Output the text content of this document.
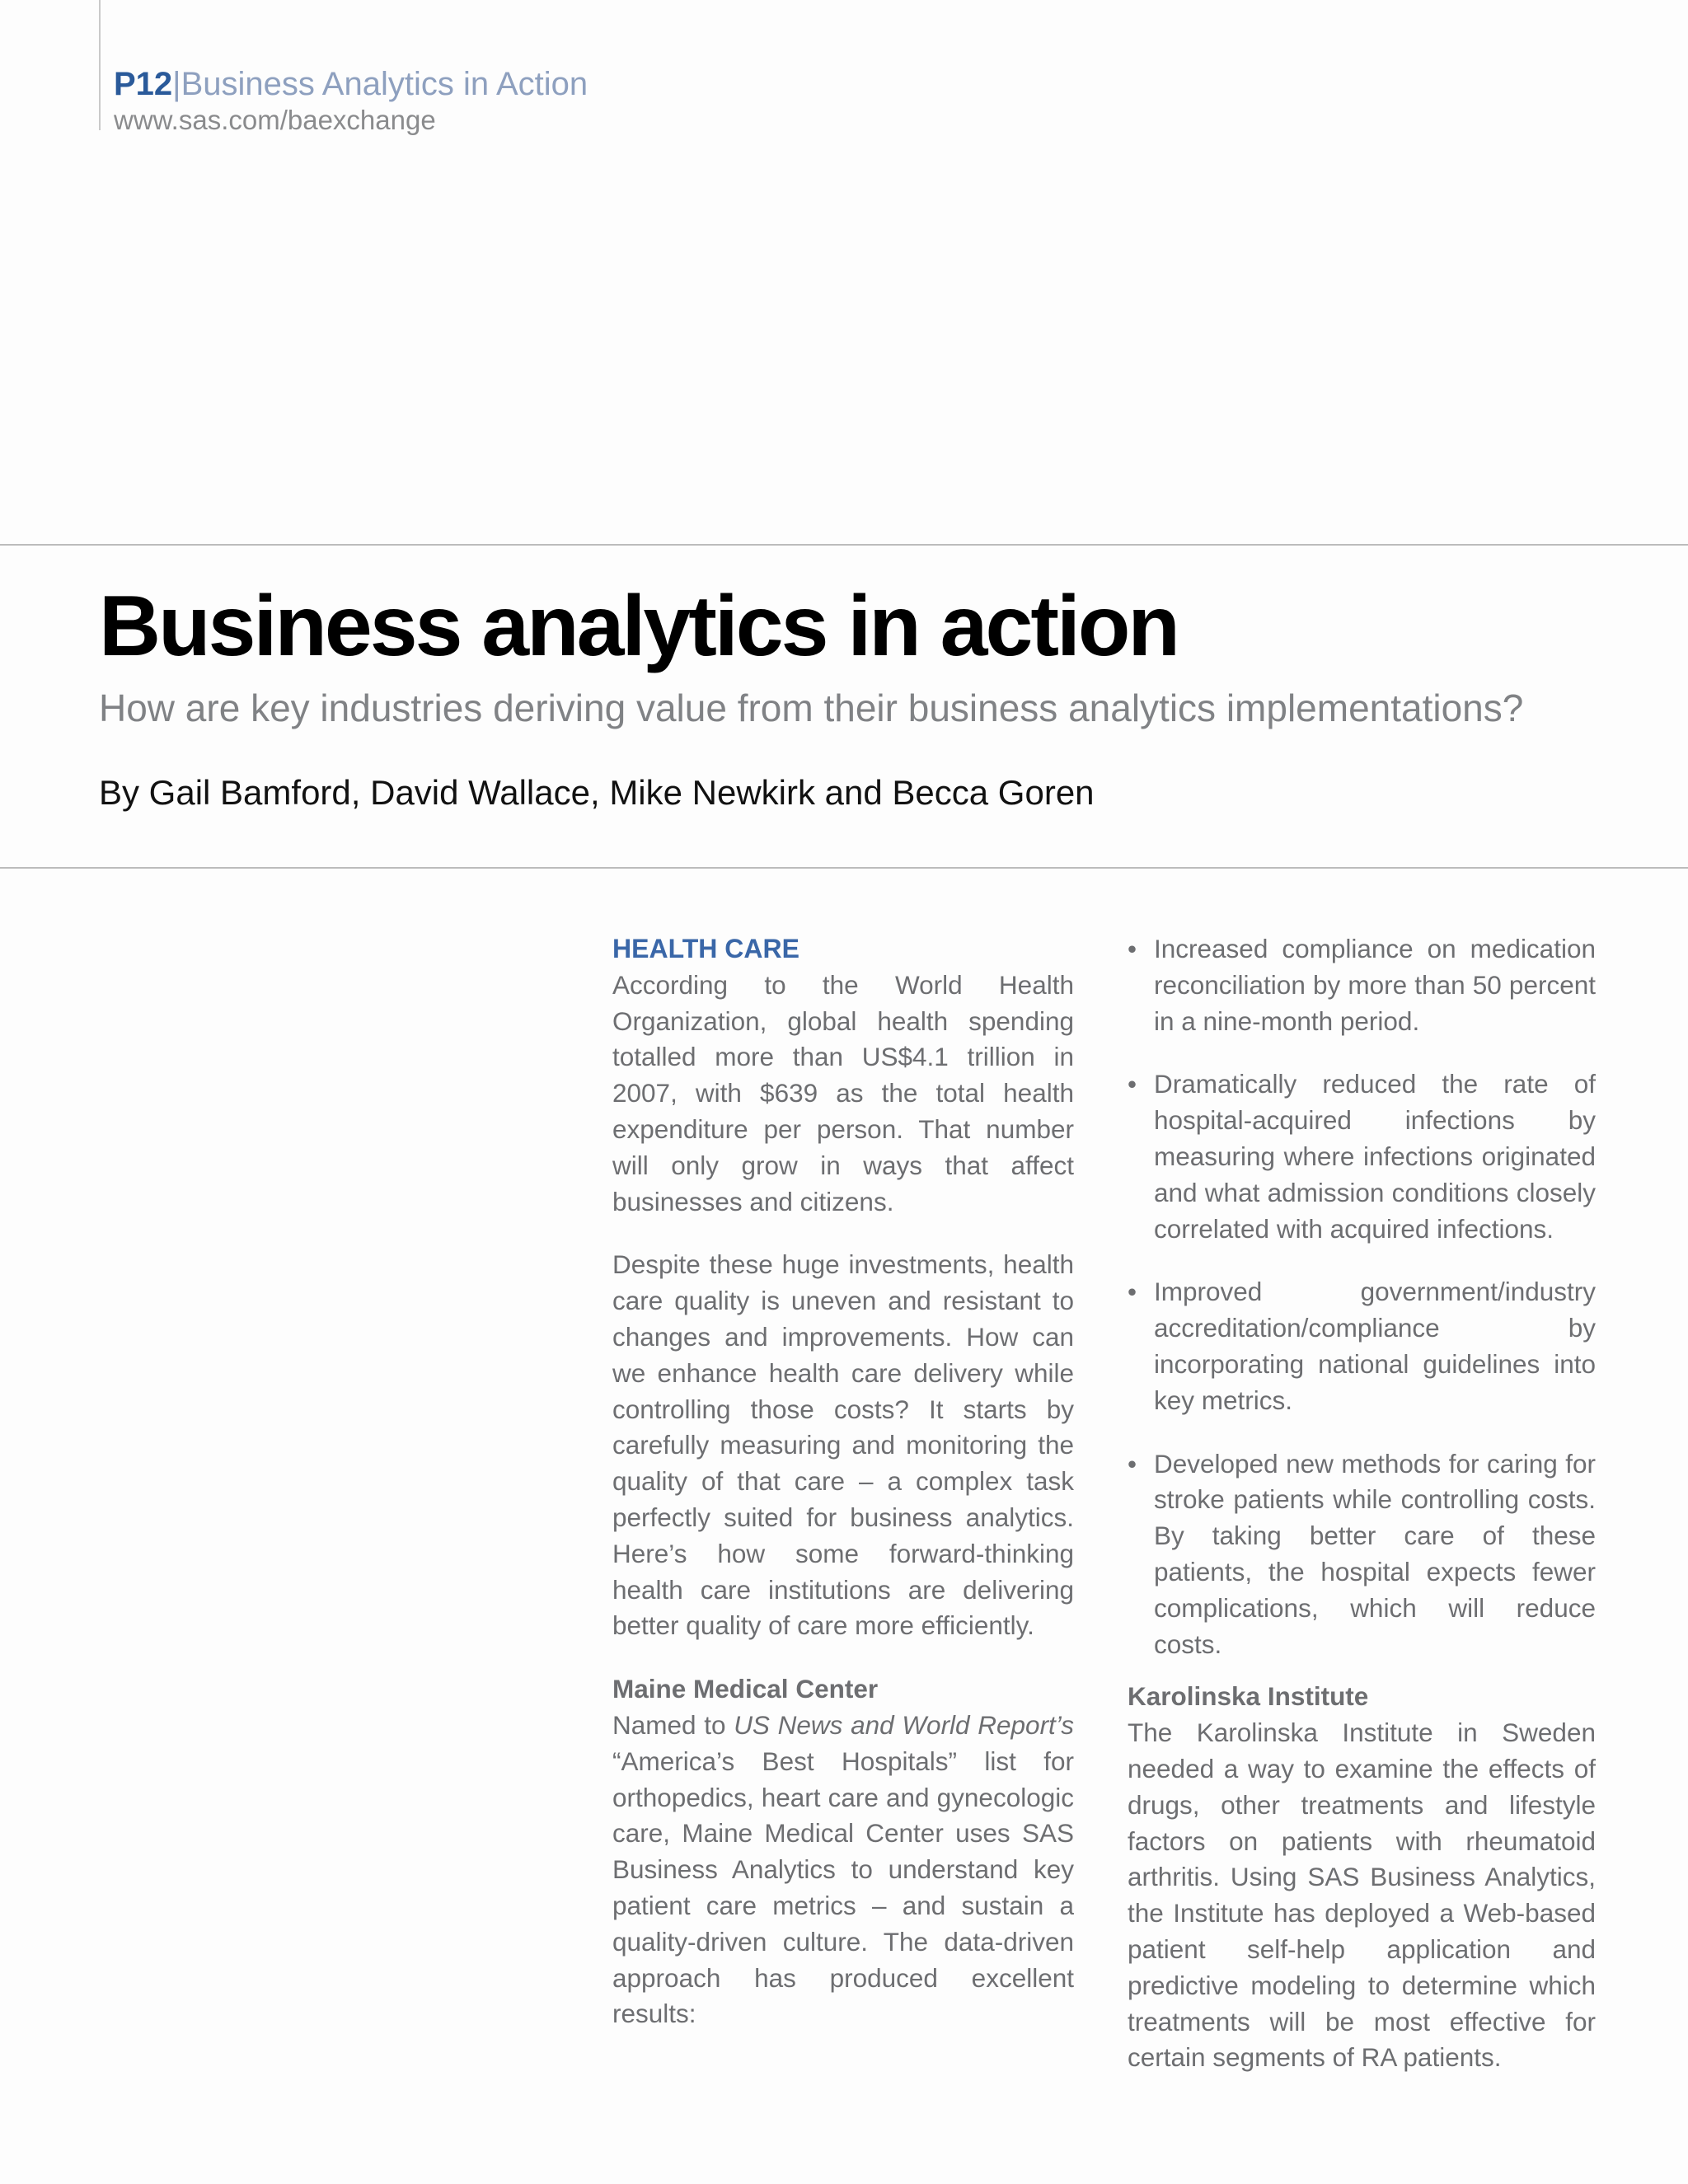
P12|Business Analytics in Action
www.sas.com/baexchange
Business analytics in action
How are key industries deriving value from their business analytics implementations?
By Gail Bamford, David Wallace, Mike Newkirk and Becca Goren
HEALTH CARE

According to the World Health Organization, global health spending totalled more than US$4.1 trillion in 2007, with $639 as the total health expenditure per person. That number will only grow in ways that affect businesses and citizens.

Despite these huge investments, health care quality is uneven and resistant to changes and improvements. How can we enhance health care delivery while controlling those costs? It starts by carefully measuring and monitoring the quality of that care – a complex task perfectly suited for business analytics. Here’s how some forward-thinking health care institutions are delivering better quality of care more efficiently.

Maine Medical Center

Named to US News and World Report’s “America’s Best Hospitals” list for orthopedics, heart care and gynecologic care, Maine Medical Center uses SAS Business Analytics to understand key patient care metrics – and sustain a quality-driven culture. The data-driven approach has produced excellent results:

• Increased compliance on medication reconciliation by more than 50 percent in a nine-month period.
• Dramatically reduced the rate of hospital-acquired infections by measuring where infections originated and what admission conditions closely correlated with acquired infections.
• Improved government/industry accreditation/compliance by incorporating national guidelines into key metrics.
• Developed new methods for caring for stroke patients while controlling costs. By taking better care of these patients, the hospital expects fewer complications, which will reduce costs.
Karolinska Institute

The Karolinska Institute in Sweden needed a way to examine the effects of drugs, other treatments and lifestyle factors on patients with rheumatoid arthritis. Using SAS Business Analytics, the Institute has deployed a Web-based patient self-help application and predictive modeling to determine which treatments will be most effective for certain segments of RA patients.
